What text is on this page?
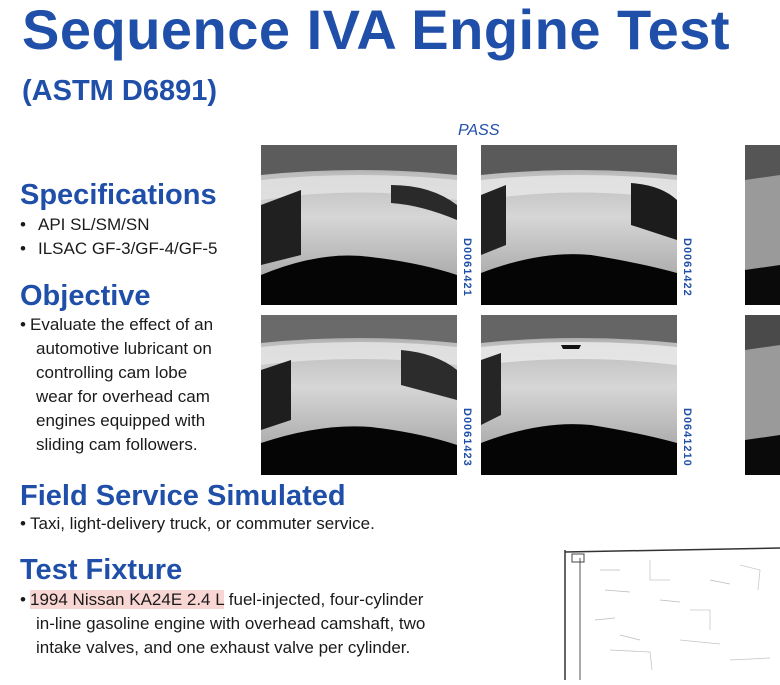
Sequence IVA Engine Test
(ASTM D6891)
PASS
D0061421	D0061422
D0061423	D0641210
Specifications
• API SL/SM/SN
• ILSAC GF-3/GF-4/GF-5
Objective

• Evaluate the effect of an
automotive lubricant on
controlling cam lobe
wear for overhead cam
engines equipped with
sliding cam followers.

Field Service Simulated

• Taxi, light-delivery truck, or commuter service.

Test Fixture

• 1994 Nissan KA24E 2.4 L fuel-injected, four-cylinder
in-line gasoline engine with overhead camshaft, two
intake valves, and one exhaust valve per cylinder.
